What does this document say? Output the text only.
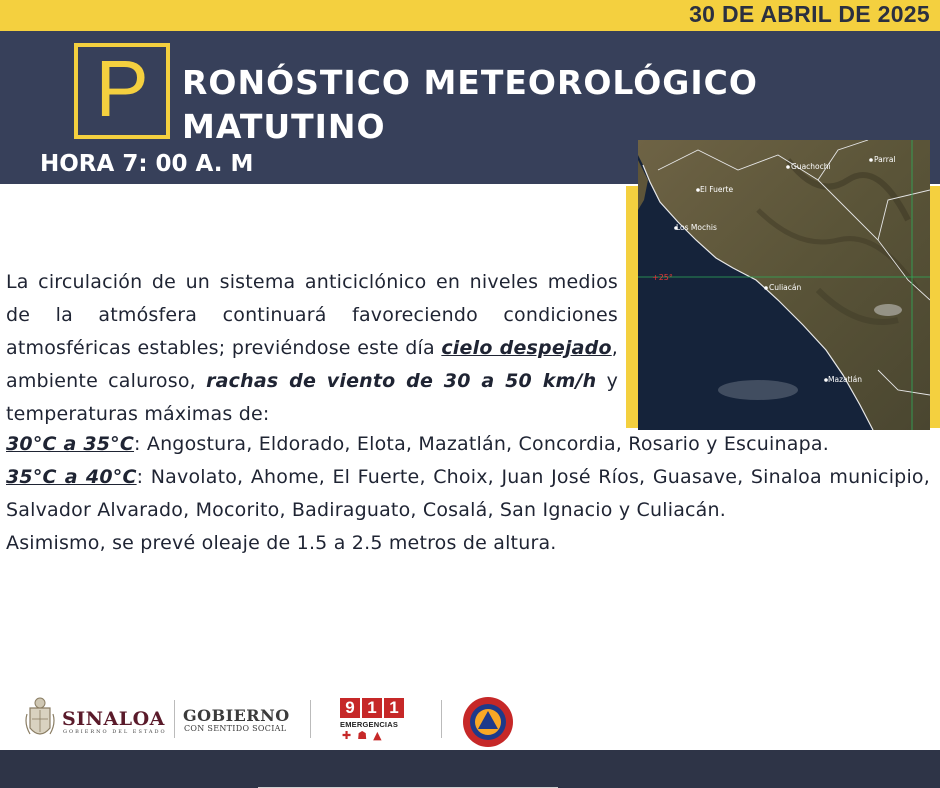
30 DE ABRIL DE 2025
P	RONÓSTICO METEOROLÓGICO
MATUTINO
HORA 7: 00 A. M	Guachochi
Parral
El Fuerte
Los Mochis
Culiacán
Mazatlán
+25°
La circulación de un sistema anticiclónico en niveles medios de la atmósfera continuará favoreciendo condiciones atmosféricas estables; previéndose este día cielo despejado, ambiente caluroso, rachas de viento de 30 a 50 km/h y temperaturas máximas de:
30°C a 35°C: Angostura, Eldorado, Elota, Mazatlán, Concordia, Rosario y Escuinapa.
35°C a 40°C: Navolato, Ahome, El Fuerte, Choix, Juan José Ríos, Guasave, Sinaloa municipio, Salvador Alvarado, Mocorito, Badiraguato, Cosalá, San Ignacio y Culiacán.
Asimismo, se prevé oleaje de 1.5 a 2.5 metros de altura.
SINALOA
GOBIERNO DEL ESTADO
GOBIERNO
CON SENTIDO SOCIAL
9 1 1
EMERGENCIAS
✚☗▲
